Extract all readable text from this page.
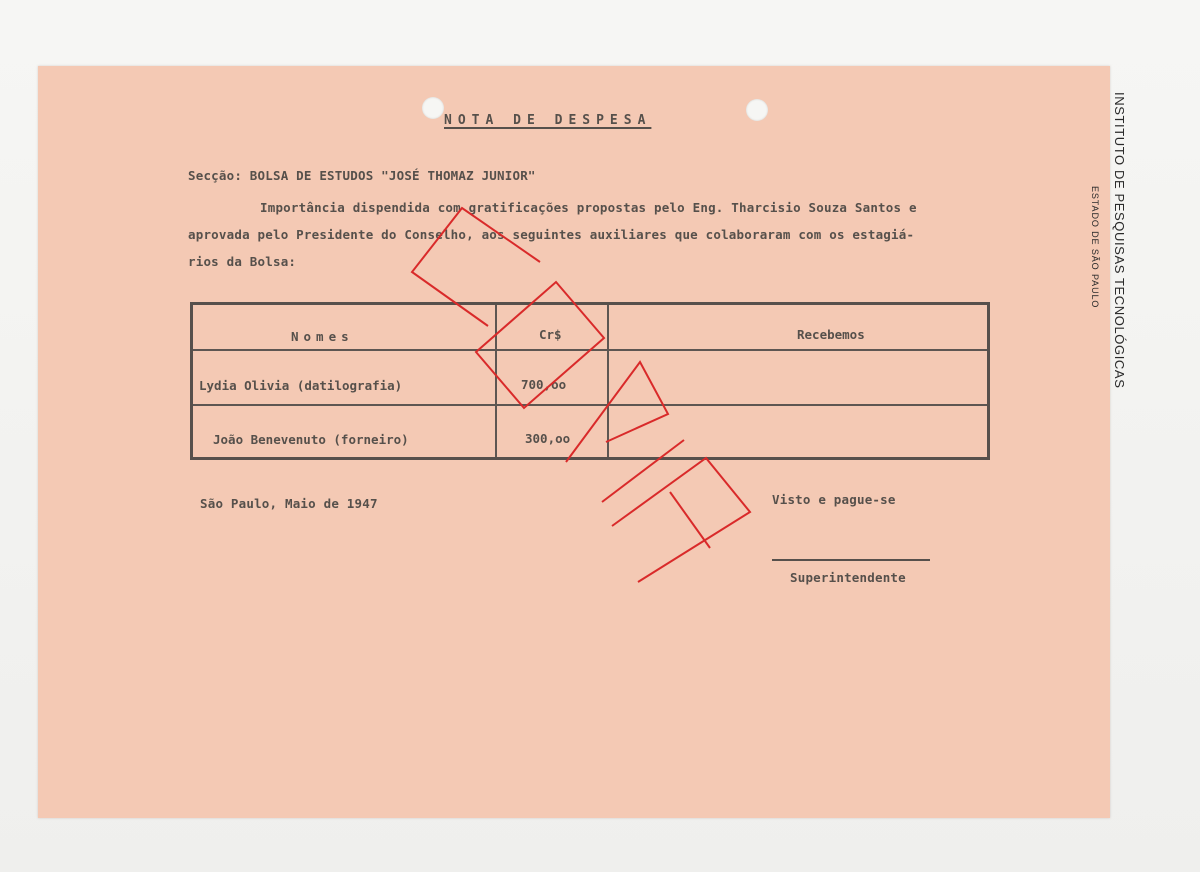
NOTA DE DESPESA
Secção: BOLSA DE ESTUDOS "JOSÉ THOMAZ JUNIOR"
Importância dispendida com gratificações propostas pelo Eng. Tharcisio Souza Santos e
aprovada pelo Presidente do Conselho, aos seguintes auxiliares que colaboraram com os estagiá-
rios da Bolsa:
Nomes	Cr$	Recebemos
Lydia Olivia (datilografia)	700,oo
João Benevenuto (forneiro)	300,oo
São Paulo, Maio de 1947	Visto e pague-se
Superintendente
INSTITUTO DE PESQUISAS TECNOLÓGICAS
ESTADO DE SÃO PAULO
